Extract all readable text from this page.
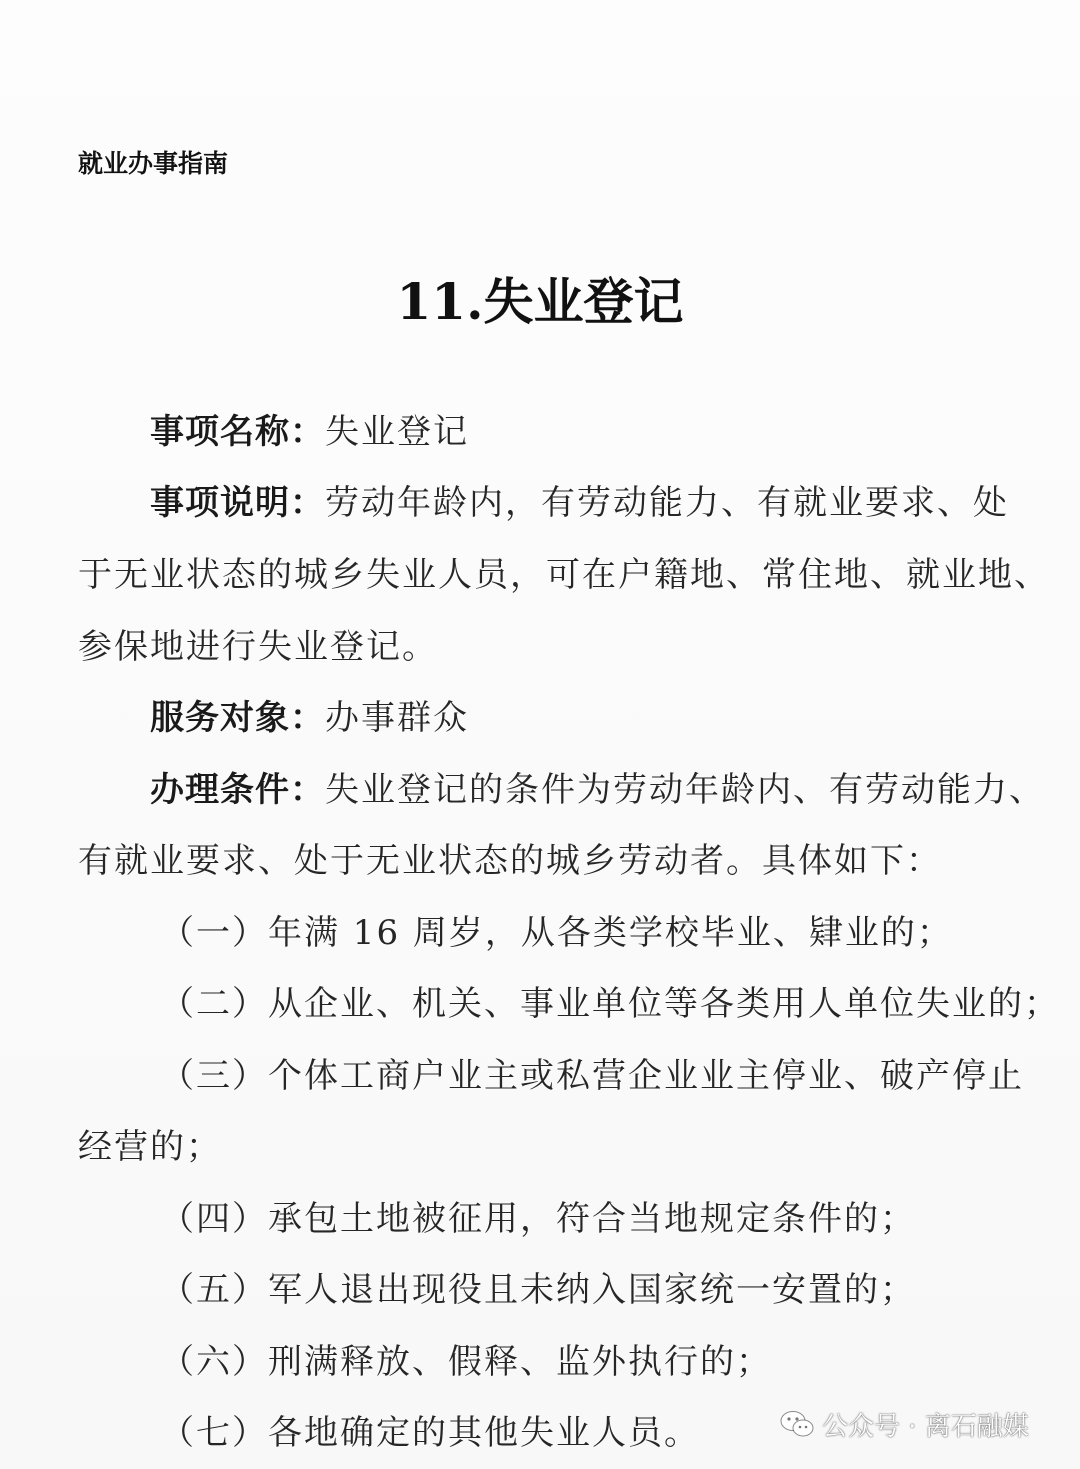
就业办事指南
11.失业登记
事项名称：失业登记
事项说明：劳动年龄内，有劳动能力、有就业要求、处
于无业状态的城乡失业人员，可在户籍地、常住地、就业地、
参保地进行失业登记。
服务对象：办事群众
办理条件：失业登记的条件为劳动年龄内、有劳动能力、
有就业要求、处于无业状态的城乡劳动者。具体如下：
（一）年满 16 周岁，从各类学校毕业、肄业的；
（二）从企业、机关、事业单位等各类用人单位失业的；
（三）个体工商户业主或私营企业业主停业、破产停止
经营的；
（四）承包土地被征用，符合当地规定条件的；
（五）军人退出现役且未纳入国家统一安置的；
（六）刑满释放、假释、监外执行的；
（七）各地确定的其他失业人员。	公众号 · 离石融媒
